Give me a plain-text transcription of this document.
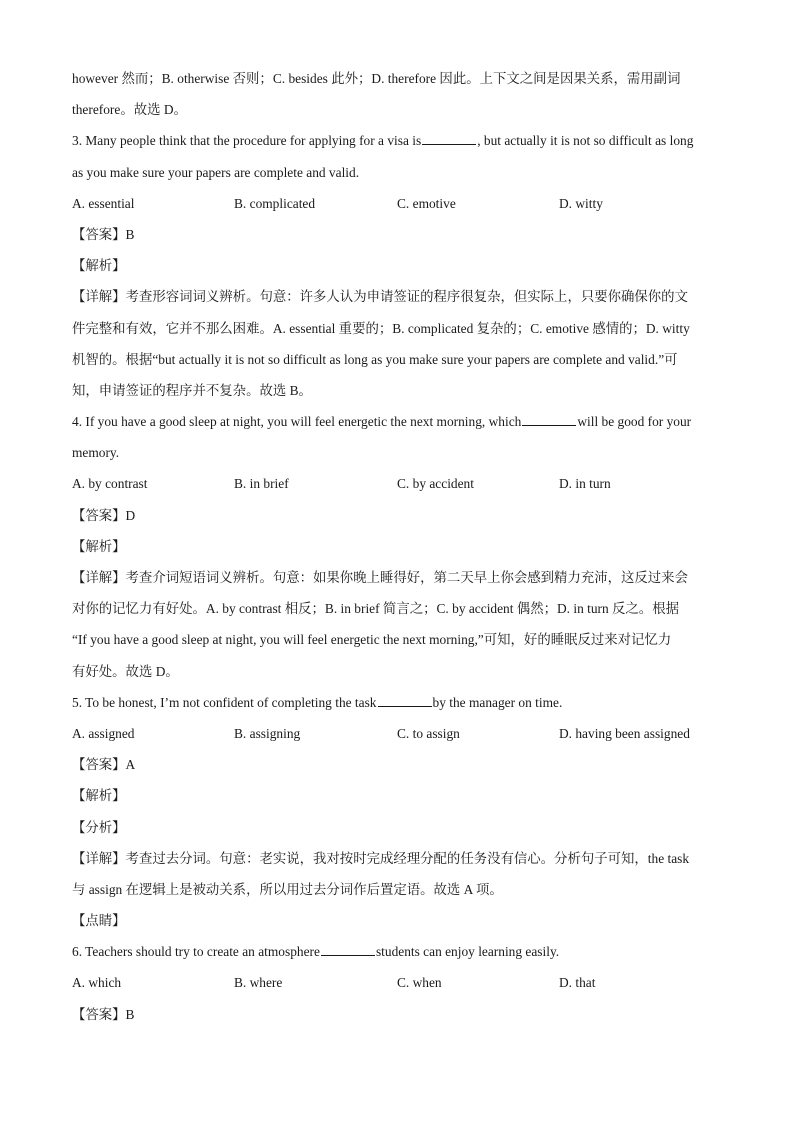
however 然而；B. otherwise 否则；C. besides 此外；D. therefore 因此。上下文之间是因果关系，需用副词
therefore。故选 D。
3. Many people think that the procedure for applying for a visa is	, but actually it is not so difficult as long
as you make sure your papers are complete and valid.
A. essential	B. complicated	C. emotive	D. witty
【答案】B
【解析】
【详解】考查形容词词义辨析。句意：许多人认为申请签证的程序很复杂，但实际上，只要你确保你的文
件完整和有效，它并不那么困难。A. essential 重要的；B. complicated 复杂的；C. emotive 感情的；D. witty
机智的。根据“but actually it is not so difficult as long as you make sure your papers are complete and valid.”可
知，申请签证的程序并不复杂。故选 B。
4. If you have a good sleep at night, you will feel energetic the next morning, which	will be good for your
memory.
A. by contrast	B. in brief	C. by accident	D. in turn
【答案】D
【解析】
【详解】考查介词短语词义辨析。句意：如果你晚上睡得好，第二天早上你会感到精力充沛，这反过来会
对你的记忆力有好处。A. by contrast 相反；B. in brief 简言之；C. by accident 偶然；D. in turn 反之。根据
“If you have a good sleep at night, you will feel energetic the next morning,”可知，好的睡眠反过来对记忆力
有好处。故选 D。
5. To be honest, I’m not confident of completing the task	by the manager on time.
A. assigned	B. assigning	C. to assign	D. having been assigned
【答案】A
【解析】
【分析】
【详解】考查过去分词。句意：老实说，我对按时完成经理分配的任务没有信心。分析句子可知，the task
与 assign 在逻辑上是被动关系，所以用过去分词作后置定语。故选 A 项。
【点睛】
6. Teachers should try to create an atmosphere	students can enjoy learning easily.
A. which	B. where	C. when	D. that
【答案】B
